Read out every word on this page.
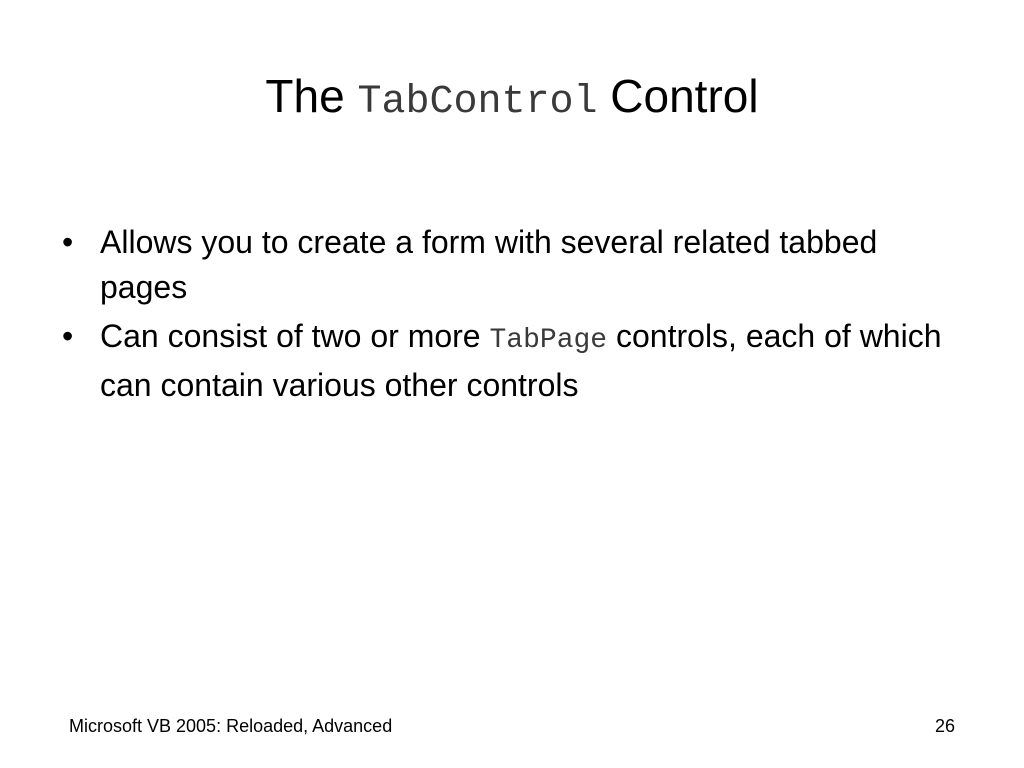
The TabControl Control
• Allows you to create a form with several related tabbed pages
• Can consist of two or more TabPage controls, each of which can contain various other controls
Microsoft VB 2005: Reloaded, Advanced	26
